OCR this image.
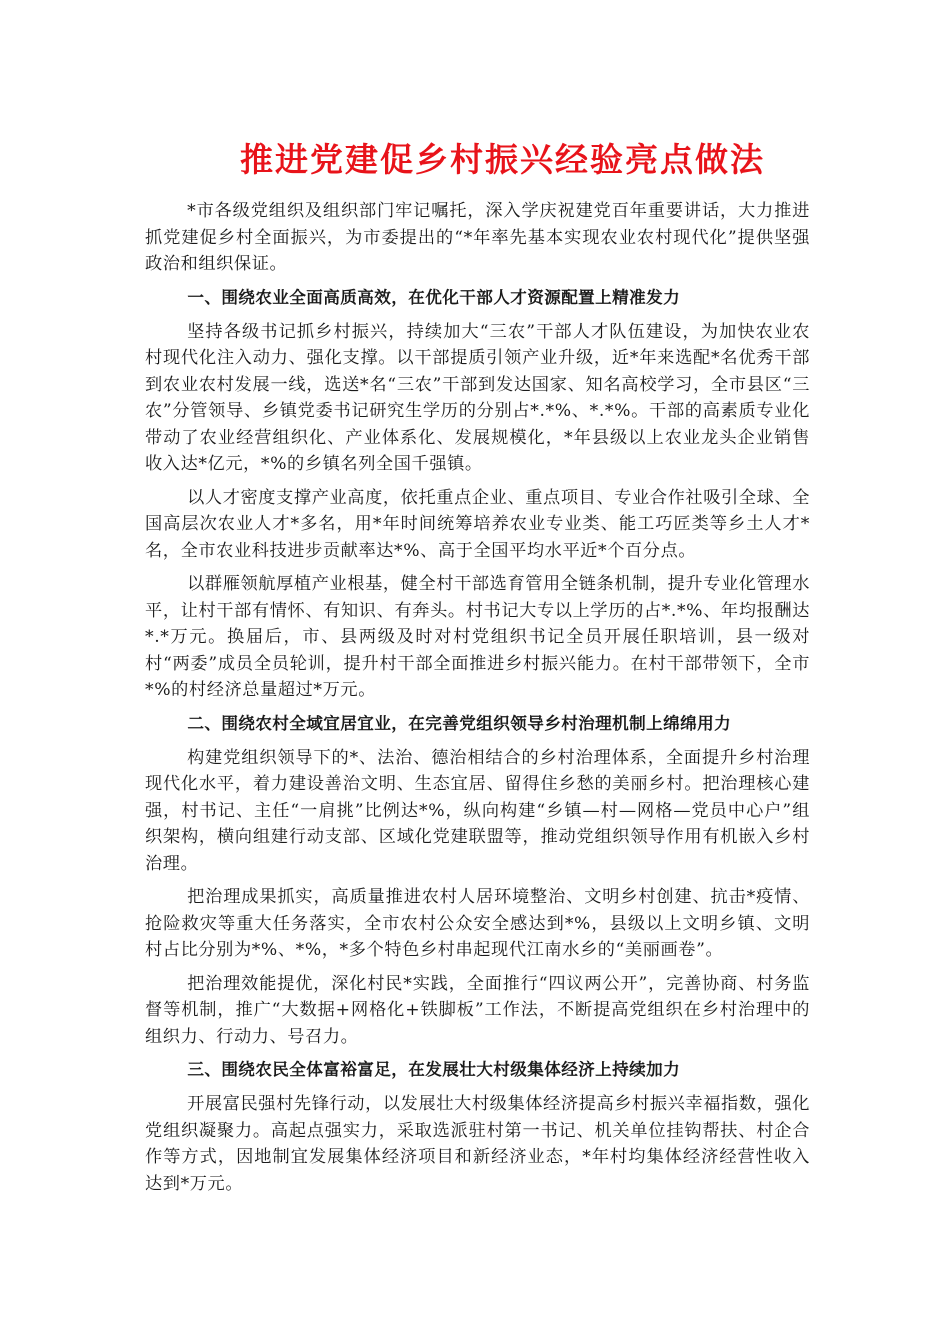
推进党建促乡村振兴经验亮点做法

*市各级党组织及组织部门牢记嘱托，深入学庆祝建党百年重要讲话，大力推进抓党建促乡村全面振兴，为市委提出的“*年率先基本实现农业农村现代化”提供坚强政治和组织保证。

一、围绕农业全面高质高效，在优化干部人才资源配置上精准发力

坚持各级书记抓乡村振兴，持续加大“三农”干部人才队伍建设，为加快农业农村现代化注入动力、强化支撑。以干部提质引领产业升级，近*年来选配*名优秀干部到农业农村发展一线，选送*名“三农”干部到发达国家、知名高校学习，全市县区“三农”分管领导、乡镇党委书记研究生学历的分别占*.*%、*.*%。干部的高素质专业化带动了农业经营组织化、产业体系化、发展规模化，*年县级以上农业龙头企业销售收入达*亿元，*%的乡镇名列全国千强镇。

以人才密度支撑产业高度，依托重点企业、重点项目、专业合作社吸引全球、全国高层次农业人才*多名，用*年时间统筹培养农业专业类、能工巧匠类等乡土人才*名，全市农业科技进步贡献率达*%、高于全国平均水平近*个百分点。

以群雁领航厚植产业根基，健全村干部选育管用全链条机制，提升专业化管理水平，让村干部有情怀、有知识、有奔头。村书记大专以上学历的占*.*%、年均报酬达*.*万元。换届后，市、县两级及时对村党组织书记全员开展任职培训，县一级对村“两委”成员全员轮训，提升村干部全面推进乡村振兴能力。在村干部带领下，全市*%的村经济总量超过*万元。

二、围绕农村全域宜居宜业，在完善党组织领导乡村治理机制上绵绵用力

构建党组织领导下的*、法治、德治相结合的乡村治理体系，全面提升乡村治理现代化水平，着力建设善治文明、生态宜居、留得住乡愁的美丽乡村。把治理核心建强，村书记、主任“一肩挑”比例达*%，纵向构建“乡镇—村—网格—党员中心户”组织架构，横向组建行动支部、区域化党建联盟等，推动党组织领导作用有机嵌入乡村治理。

把治理成果抓实，高质量推进农村人居环境整治、文明乡村创建、抗击*疫情、抢险救灾等重大任务落实，全市农村公众安全感达到*%，县级以上文明乡镇、文明村占比分别为*%、*%，*多个特色乡村串起现代江南水乡的“美丽画卷”。

把治理效能提优，深化村民*实践，全面推行“四议两公开”，完善协商、村务监督等机制，推广“大数据+网格化+铁脚板”工作法，不断提高党组织在乡村治理中的组织力、行动力、号召力。

三、围绕农民全体富裕富足，在发展壮大村级集体经济上持续加力

开展富民强村先锋行动，以发展壮大村级集体经济提高乡村振兴幸福指数，强化党组织凝聚力。高起点强实力，采取选派驻村第一书记、机关单位挂钩帮扶、村企合作等方式，因地制宜发展集体经济项目和新经济业态，*年村均集体经济经营性收入达到*万元。
